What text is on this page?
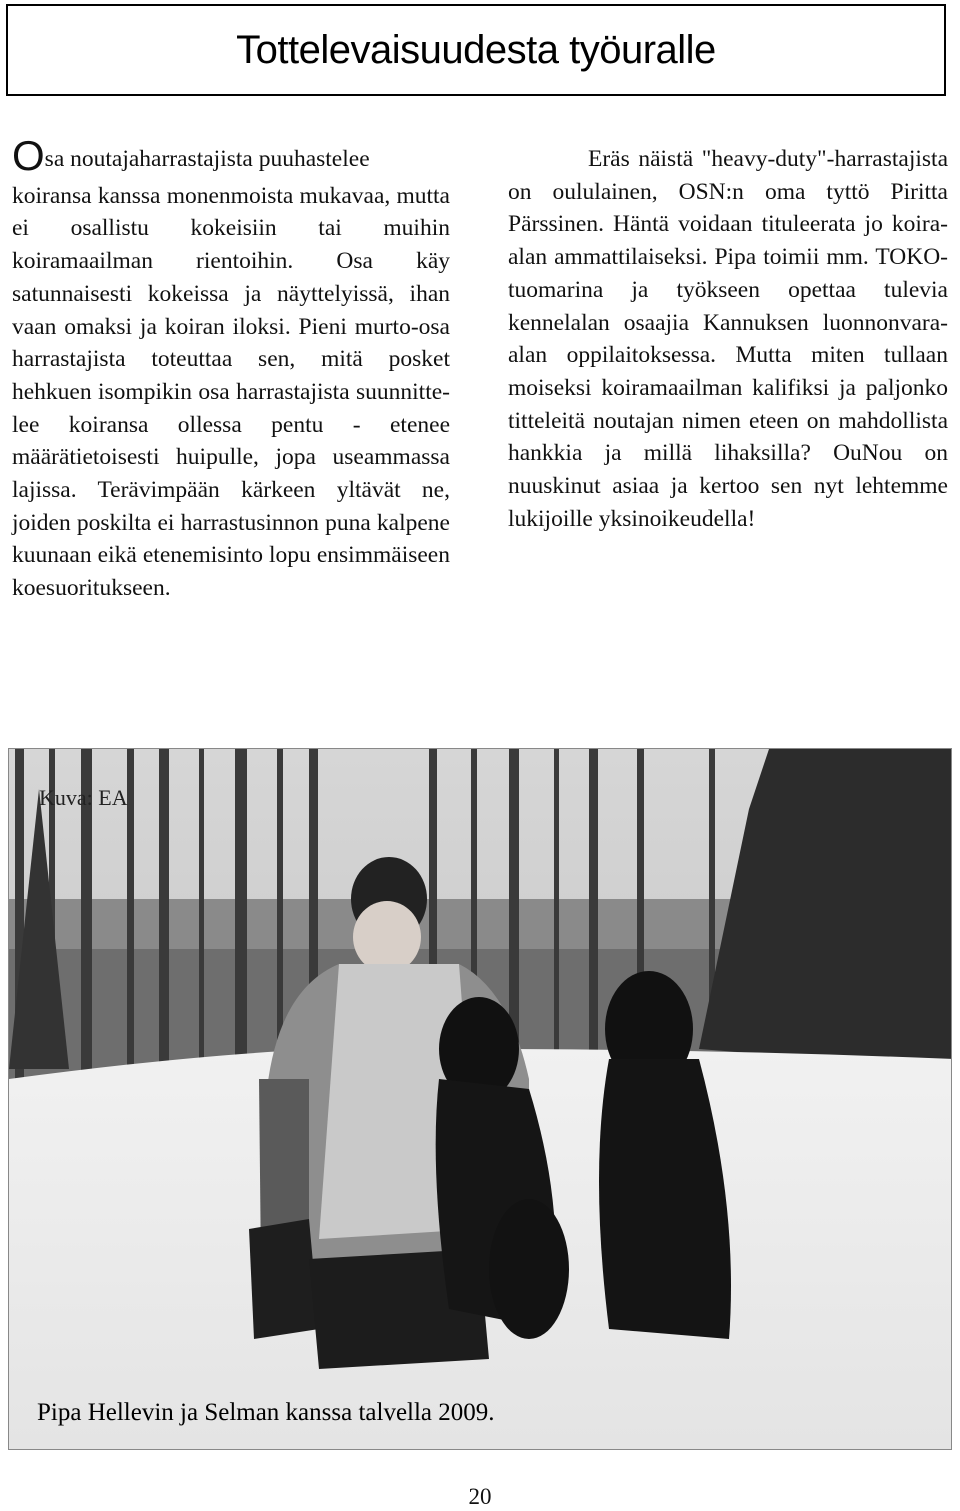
Tottelevaisuudesta työuralle
Osa noutajaharrastajista puuhastelee

koiransa kanssa monenmoista mukavaa, mutta ei osallistu kokeisiin tai muihin koiramaailman rientoihin. Osa käy satunnaisesti kokeissa ja näyttelyissä, ihan vaan omaksi ja koiran iloksi. Pieni murto-osa harrastajista toteuttaa sen, mitä posket hehkuen isompikin osa harrastajista suunnittelee koiransa ollessa pentu - etenee määrätietoisesti huipulle, jopa useammassa lajissa. Terävimpään kärkeen yltävät ne, joiden poskilta ei harrastusinnon puna kalpene kuunaan eikä etenemisinto lopu ensimmäiseen koesuoritukseen.

Eräs näistä "heavy-duty"-harrastajista on oululainen, OSN:n oma tyttö Piritta Pärssinen. Häntä voidaan tituleerata jo koira-alan ammattilaiseksi. Pipa toimii mm. TOKO-tuomarina ja työkseen opettaa tulevia kennelalan osaajia Kannuksen luonnonvara-alan oppilaitoksessa. Mutta miten tullaan moiseksi koiramaailman kalifiksi ja paljonko titteleitä noutajan nimen eteen on mahdollista hankkia ja millä lihaksilla? OuNou on nuuskinut asiaa ja kertoo sen nyt lehtemme lukijoille yksinoikeudella!

Kuva: EA
Pipa Hellevin ja Selman kanssa talvella 2009.
20
